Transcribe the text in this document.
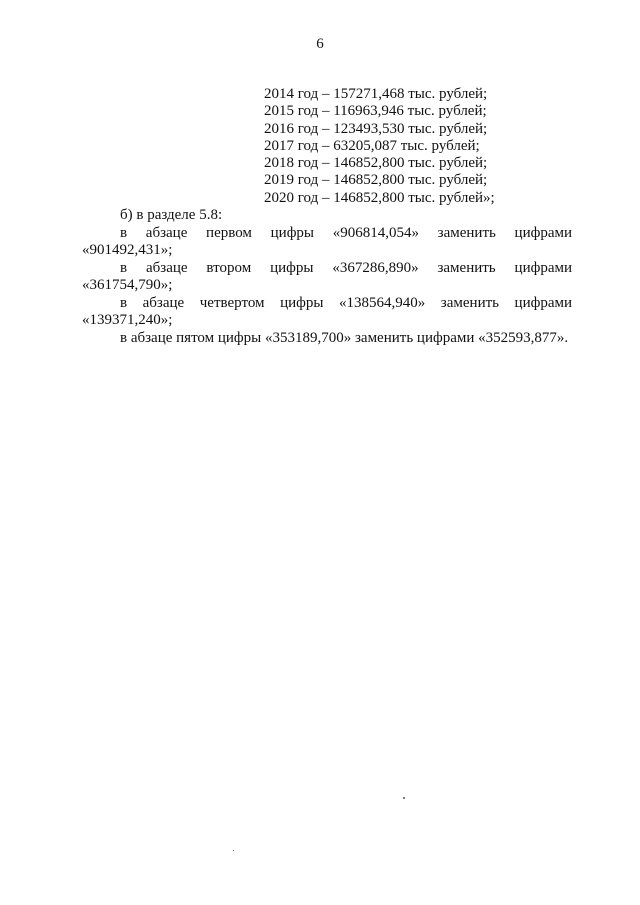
6
2014 год – 157271,468 тыс. рублей;
2015 год – 116963,946 тыс. рублей;
2016 год – 123493,530 тыс. рублей;
2017 год – 63205,087 тыс. рублей;
2018 год – 146852,800 тыс. рублей;
2019 год – 146852,800 тыс. рублей;
2020 год – 146852,800 тыс. рублей»;

б) в разделе 5.8:

в абзаце первом цифры «906814,054» заменить цифрами «901492,431»;

в абзаце втором цифры «367286,890» заменить цифрами «361754,790»;

в абзаце четвертом цифры «138564,940» заменить цифрами «139371,240»;

в абзаце пятом цифры «353189,700» заменить цифрами «352593,877».
